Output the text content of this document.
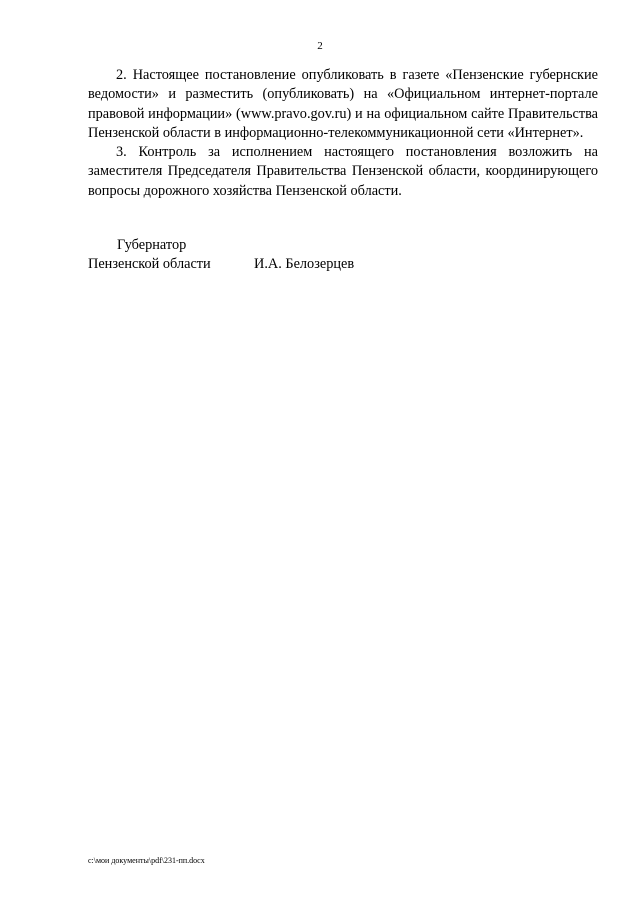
2

2. Настоящее постановление опубликовать в газете «Пензенские губернские ведомости» и разместить (опубликовать) на «Официальном интернет-портале правовой информации» (www.pravo.gov.ru) и на официальном сайте Правительства Пензенской области в информационно-телекоммуникационной сети «Интернет».

3. Контроль за исполнением настоящего постановления возложить на заместителя Председателя Правительства Пензенской области, координирующего вопросы дорожного хозяйства Пензенской области.

Губернатор
Пензенской области	И.А. Белозерцев
c:\мои документы\pdf\231-пп.docx
